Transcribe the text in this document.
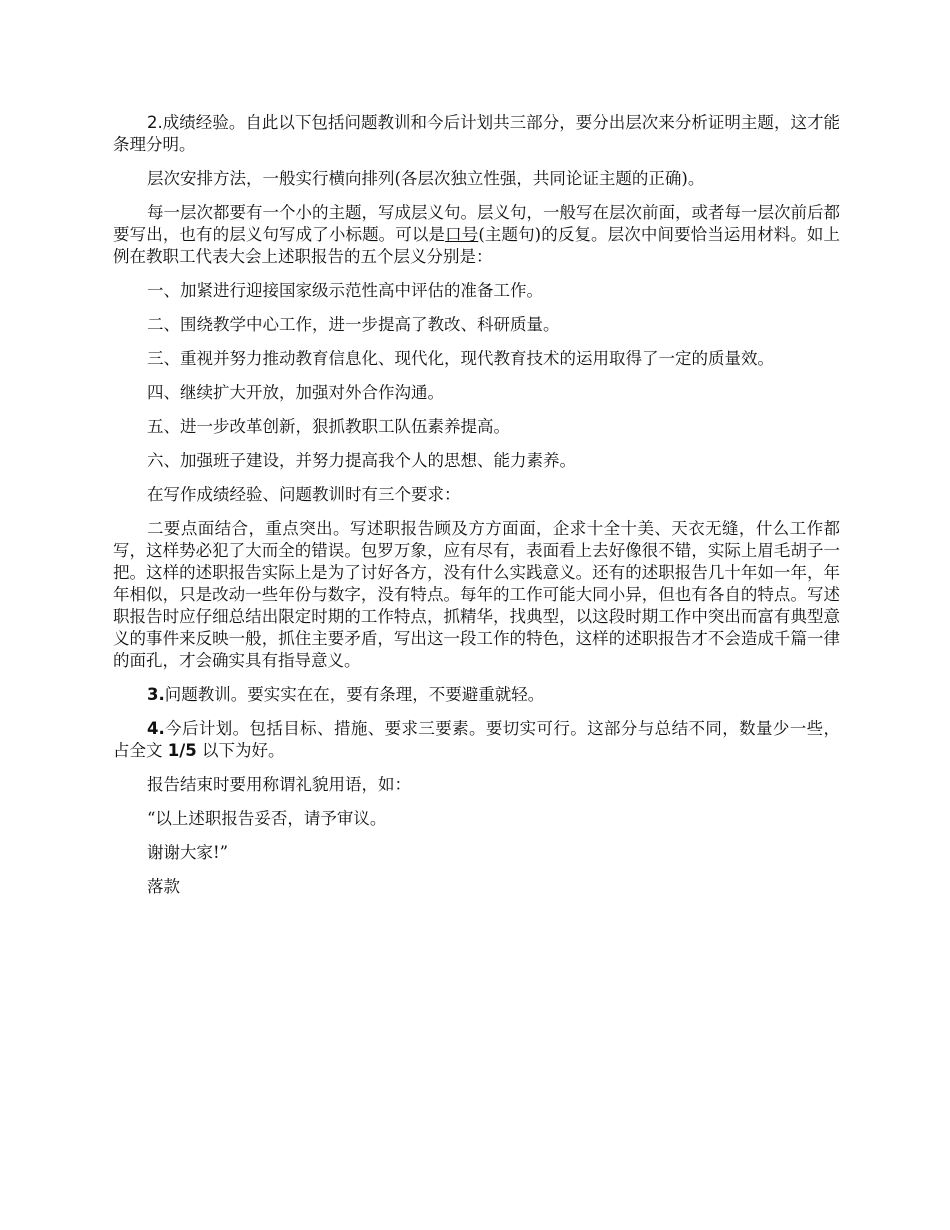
2.成绩经验。自此以下包括问题教训和今后计划共三部分，要分出层次来分析证明主题，这才能条理分明。

层次安排方法，一般实行横向排列(各层次独立性强，共同论证主题的正确)。

每一层次都要有一个小的主题，写成层义句。层义句，一般写在层次前面，或者每一层次前后都要写出，也有的层义句写成了小标题。可以是口号(主题句)的反复。层次中间要恰当运用材料。如上例在教职工代表大会上述职报告的五个层义分别是：

一、加紧进行迎接国家级示范性高中评估的准备工作。

二、围绕教学中心工作，进一步提高了教改、科研质量。

三、重视并努力推动教育信息化、现代化，现代教育技术的运用取得了一定的质量效。

四、继续扩大开放，加强对外合作沟通。

五、进一步改革创新，狠抓教职工队伍素养提高。

六、加强班子建设，并努力提高我个人的思想、能力素养。

在写作成绩经验、问题教训时有三个要求：

二要点面结合，重点突出。写述职报告顾及方方面面，企求十全十美、天衣无缝，什么工作都写，这样势必犯了大而全的错误。包罗万象，应有尽有，表面看上去好像很不错，实际上眉毛胡子一把。这样的述职报告实际上是为了讨好各方，没有什么实践意义。还有的述职报告几十年如一年，年年相似，只是改动一些年份与数字，没有特点。每年的工作可能大同小异，但也有各自的特点。写述职报告时应仔细总结出限定时期的工作特点，抓精华，找典型，以这段时期工作中突出而富有典型意义的事件来反映一般，抓住主要矛盾，写出这一段工作的特色，这样的述职报告才不会造成千篇一律的面孔，才会确实具有指导意义。

3.问题教训。要实实在在，要有条理，不要避重就轻。

4.今后计划。包括目标、措施、要求三要素。要切实可行。这部分与总结不同，数量少一些，占全文 1/5 以下为好。

报告结束时要用称谓礼貌用语，如：

“以上述职报告妥否，请予审议。

谢谢大家!”

落款
